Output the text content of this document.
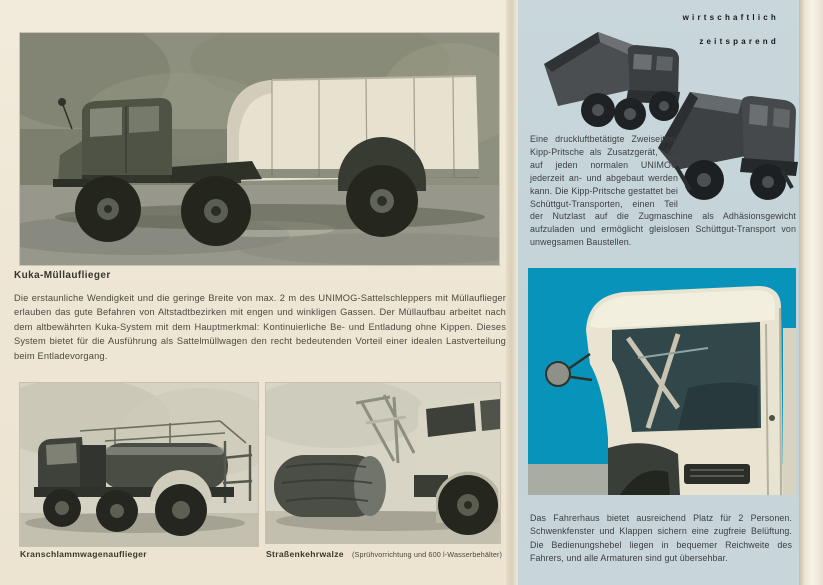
Kuka-Müllauflieger
Die erstaunliche Wendigkeit und die geringe Breite von max. 2 m des UNIMOG-Sattelschleppers mit Müllauflieger erlauben das gute Befahren von Altstadtbezirken mit engen und winkligen Gassen. Der Müllaufbau arbeitet nach dem altbewährten Kuka-System mit dem Hauptmerkmal: Kontinuierliche Be- und Entladung ohne Kippen. Dieses System bietet für die Ausführung als Sattelmüllwagen den recht bedeutenden Vorteil einer idealen Lastverteilung beim Entladevorgang.
Kranschlammwagenauflieger	Straßenkehrwalze (Sprühvorrichtung und 600 l-Wasserbehälter)
wirtschaftlich
zeitsparend
Eine druckluftbetätigte Zweiseiten-Kipp-Pritsche als Zusatzgerät, das auf jeden normalen UNIMOG jederzeit an- und abgebaut werden kann. Die Kipp-Pritsche gestattet bei Schüttgut-Transporten, einen Teil der Nutzlast auf die Zugmaschine als Adhäsionsgewicht aufzuladen und ermöglicht gleislosen Schüttgut-Transport von unwegsamen Baustellen.
Das Fahrerhaus bietet ausreichend Platz für 2 Personen. Schwenkfenster und Klappen sichern eine zugfreie Belüftung. Die Bedienungshebel liegen in bequemer Reichweite des Fahrers, und alle Armaturen sind gut übersehbar.
